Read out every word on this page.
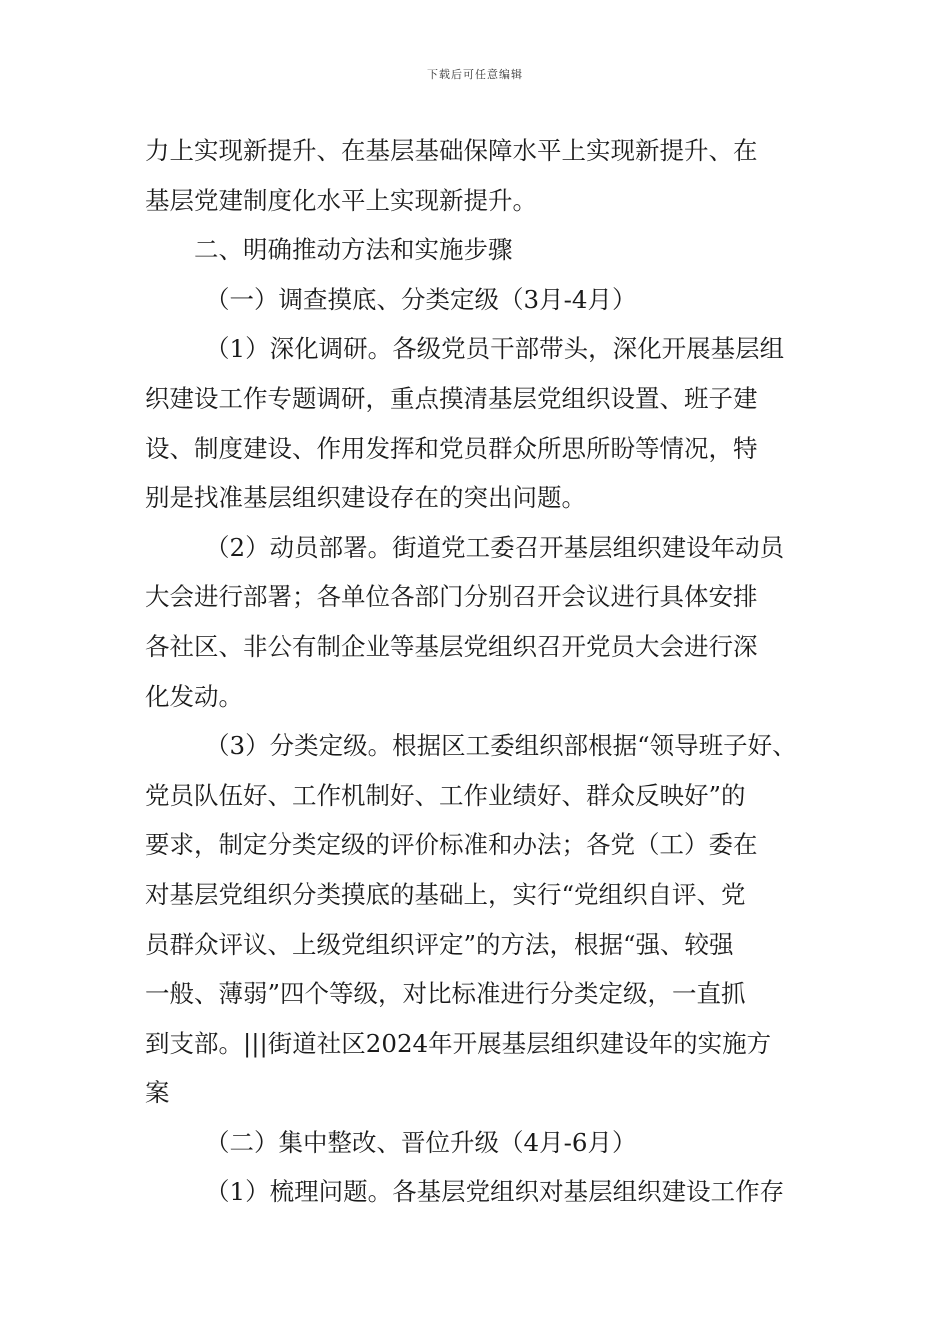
下载后可任意编辑

力上实现新提升、在基层基础保障水平上实现新提升、在

基层党建制度化水平上实现新提升。

二、明确推动方法和实施步骤

（一）调查摸底、分类定级（3月-4月）

（1）深化调研。各级党员干部带头，深化开展基层组

织建设工作专题调研，重点摸清基层党组织设置、班子建

设、制度建设、作用发挥和党员群众所思所盼等情况，特

别是找准基层组织建设存在的突出问题。

（2）动员部署。街道党工委召开基层组织建设年动员

大会进行部署；各单位各部门分别召开会议进行具体安排

各社区、非公有制企业等基层党组织召开党员大会进行深

化发动。

（3）分类定级。根据区工委组织部根据“领导班子好、

党员队伍好、工作机制好、工作业绩好、群众反映好”的

要求，制定分类定级的评价标准和办法；各党（工）委在

对基层党组织分类摸底的基础上，实行“党组织自评、党

员群众评议、上级党组织评定”的方法，根据“强、较强

一般、薄弱”四个等级，对比标准进行分类定级，一直抓

到支部。|||街道社区2024年开展基层组织建设年的实施方

案

（二）集中整改、晋位升级（4月-6月）

（1）梳理问题。各基层党组织对基层组织建设工作存
